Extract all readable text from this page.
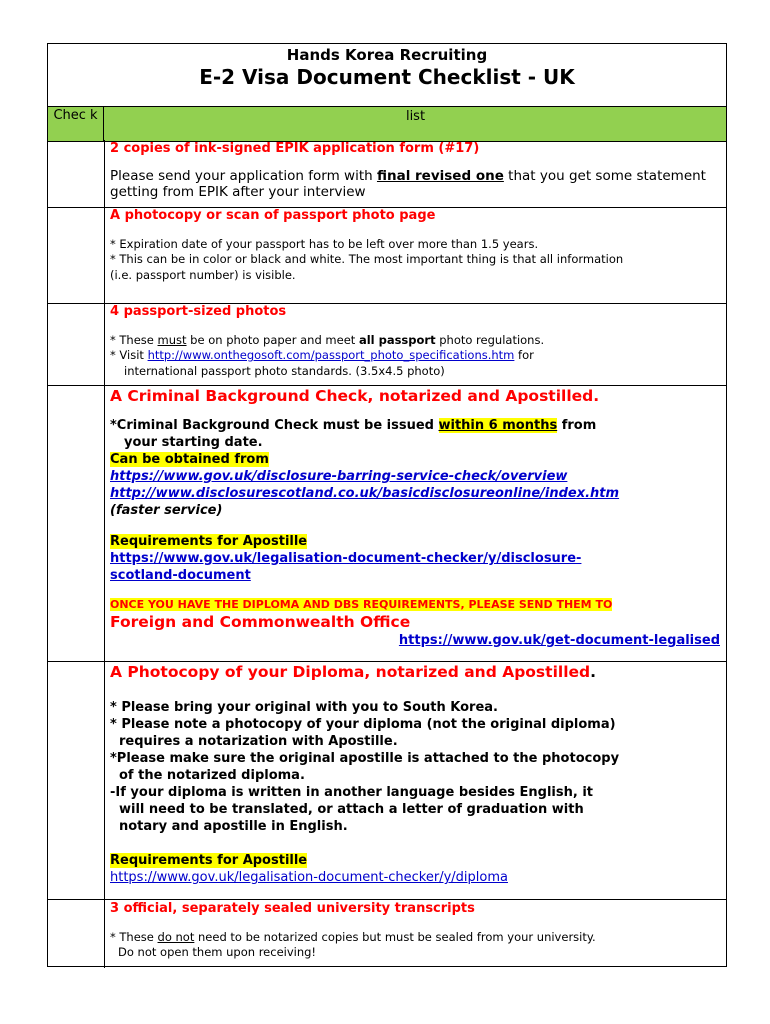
Hands Korea Recruiting
E-2 Visa Document Checklist - UK
Chec k	list
2 copies of ink-signed EPIK application form (#17)
Please send your application form with final revised one that you get some statement getting from EPIK after your interview
A photocopy or scan of passport photo page
* Expiration date of your passport has to be left over more than 1.5 years.
* This can be in color or black and white. The most important thing is that all information
(i.e. passport number) is visible.
4 passport-sized photos
* These must be on photo paper and meet all passport photo regulations.
* Visit http://www.onthegosoft.com/passport_photo_specifications.htm for
international passport photo standards. (3.5x4.5 photo)
A Criminal Background Check, notarized and Apostilled.
*Criminal Background Check must be issued within 6 months from
your starting date.
Can be obtained from
https://www.gov.uk/disclosure-barring-service-check/overview
http://www.disclosurescotland.co.uk/basicdisclosureonline/index.htm
(faster service)
Requirements for Apostille
https://www.gov.uk/legalisation-document-checker/y/disclosure-
scotland-document
ONCE YOU HAVE THE DIPLOMA AND DBS REQUIREMENTS, PLEASE SEND THEM TO
Foreign and Commonwealth Office
https://www.gov.uk/get-document-legalised
A Photocopy of your Diploma, notarized and Apostilled.
* Please bring your original with you to South Korea.
* Please note a photocopy of your diploma (not the original diploma)
requires a notarization with Apostille.
*Please make sure the original apostille is attached to the photocopy
of the notarized diploma.
-If your diploma is written in another language besides English, it
will need to be translated, or attach a letter of graduation with
notary and apostille in English.
Requirements for Apostille
https://www.gov.uk/legalisation-document-checker/y/diploma
3 official, separately sealed university transcripts
* These do not need to be notarized copies but must be sealed from your university.
Do not open them upon receiving!
